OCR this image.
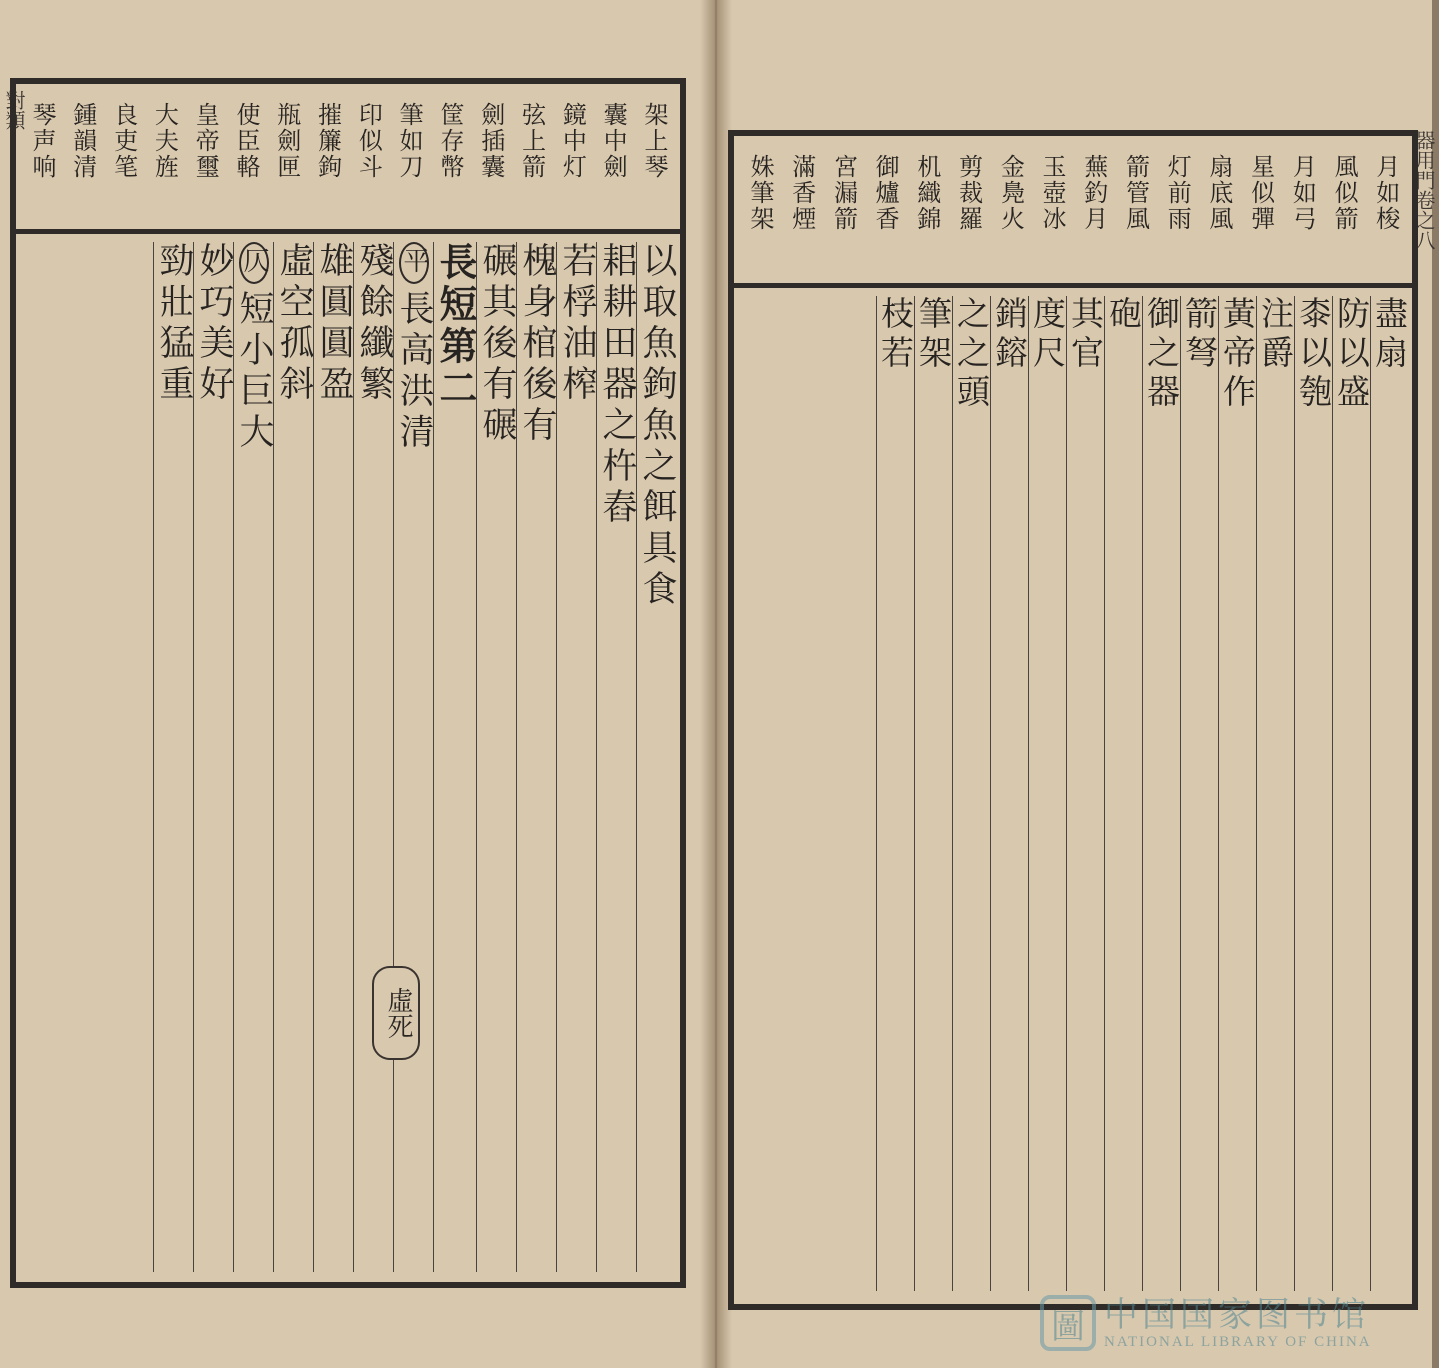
對類
器用門卷之八
架上琴
囊中劍
鏡中灯
弦上箭
劍插囊
筐存幣
筆如刀
印似斗
摧簾鉤
瓶劍匣
使臣輅
皇帝璽
大夫旌
良吏笔
鍾韻清
琴声响
以取魚鉤魚之餌具食
耜耕田器之杵舂
若桴油榨
槐身棺後有
碾其後有碾
長短第二
平長高洪清
殘餘纖繁
雄圓圓盈
虛空孤斜
仄短小巨大
妙巧美好
勁壯猛重
虛死
月如梭
風似箭
月如弓
星似彈
扇底風
灯前雨
箭管風
蕪釣月
玉壺冰
金鳧火
剪裁羅
机織錦
御爐香
宮漏箭
滿香煙
姝筆架
盡扇
防以盛
桼以匏
注爵
黃帝作
箭弩
御之器
砲
其官
度尺
銷鎔
之之頭
筆架
枝若
圖 中国国家图书馆
NATIONAL LIBRARY OF CHINA
